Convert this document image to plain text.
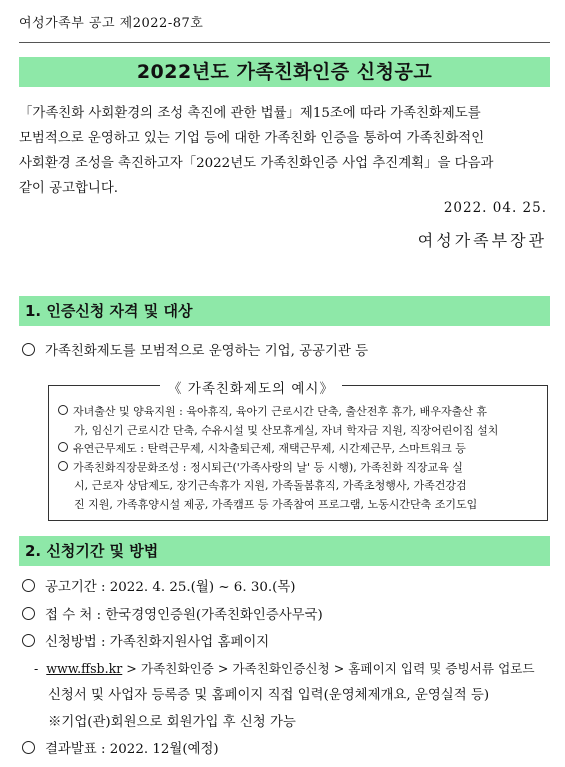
여성가족부 공고 제2022-87호
2022년도 가족친화인증 신청공고
「가족친화 사회환경의 조성 촉진에 관한 법률」제15조에 따라 가족친화제도를
모범적으로 운영하고 있는 기업 등에 대한 가족친화 인증을 통하여 가족친화적인
사회환경 조성을 촉진하고자「2022년도 가족친화인증 사업 추진계획」을 다음과
같이 공고합니다.
2022. 04. 25.
여성가족부장관
1. 인증신청 자격 및 대상
가족친화제도를 모범적으로 운영하는 기업, 공공기관 등
《 가족친화제도의 예시》
자녀출산 및 양육지원 : 육아휴직, 육아기 근로시간 단축, 출산전후 휴가, 배우자출산 휴
가, 임신기 근로시간 단축, 수유시설 및 산모휴게실, 자녀 학자금 지원, 직장어린이집 설치
유연근무제도 : 탄력근무제, 시차출퇴근제, 재택근무제, 시간제근무, 스마트워크 등
가족친화직장문화조성 : 정시퇴근('가족사랑의 날' 등 시행), 가족친화 직장교육 실
시, 근로자 상담제도, 장기근속휴가 지원, 가족돌봄휴직, 가족초청행사, 가족건강검
진 지원, 가족휴양시설 제공, 가족캠프 등 가족참여 프로그램, 노동시간단축 조기도입
2. 신청기간 및 방법
공고기간 : 2022. 4. 25.(월) ~ 6. 30.(목)
접 수 처 : 한국경영인증원(가족친화인증사무국)
신청방법 : 가족친화지원사업 홈페이지
- www.ffsb.kr > 가족친화인증 > 가족친화인증신청 > 홈페이지 입력 및 증빙서류 업로드
신청서 및 사업자 등록증 및 홈페이지 직접 입력(운영체제개요, 운영실적 등)
※기업(관)회원으로 회원가입 후 신청 가능
결과발표 : 2022. 12월(예정)
